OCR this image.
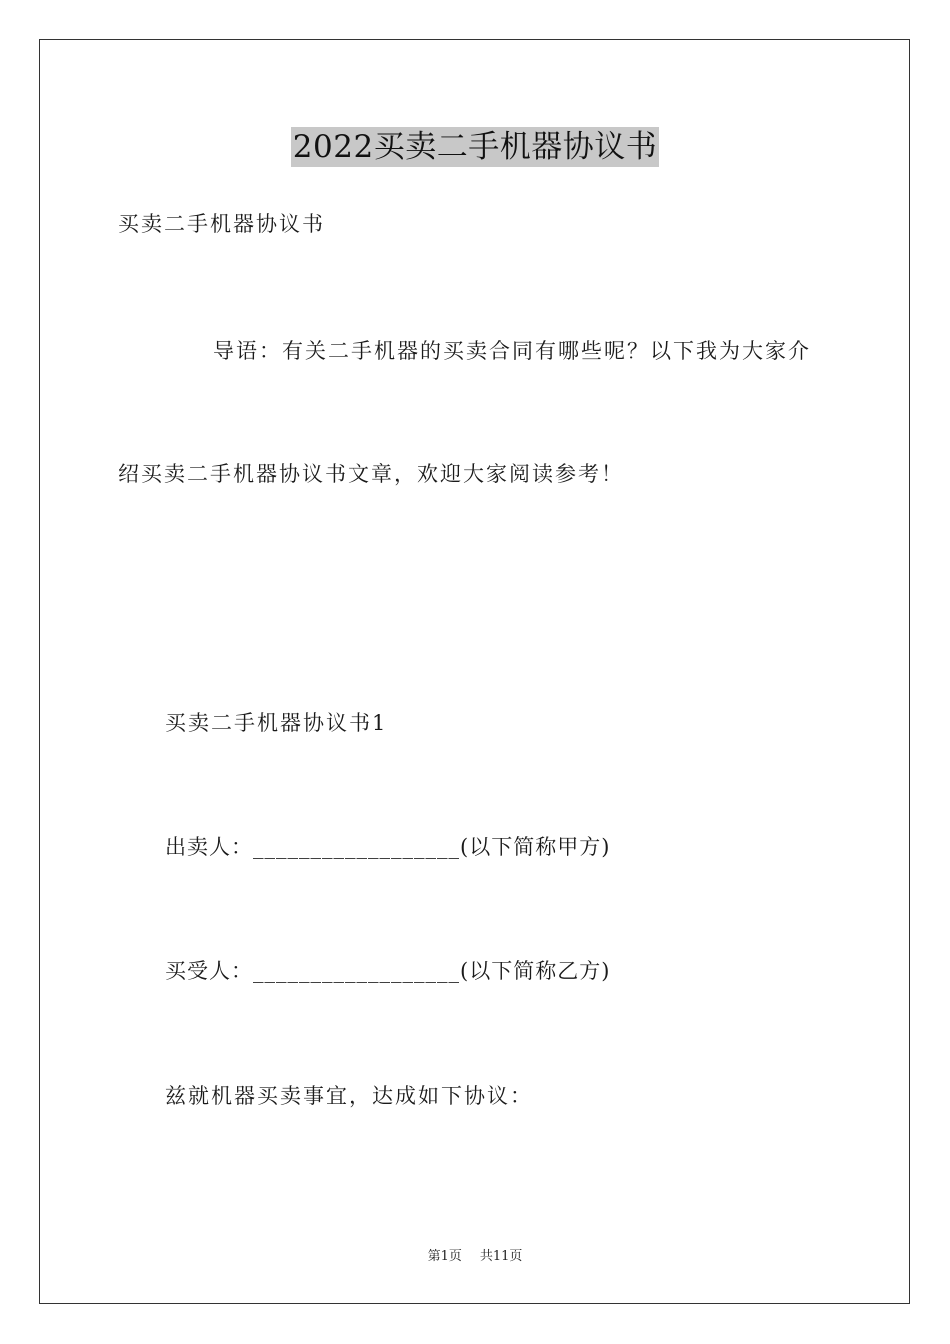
2022买卖二手机器协议书
买卖二手机器协议书
导语：有关二手机器的买卖合同有哪些呢？以下我为大家介
绍买卖二手机器协议书文章，欢迎大家阅读参考！
买卖二手机器协议书1
出卖人：__________________(以下简称甲方)
买受人：__________________(以下简称乙方)
兹就机器买卖事宜，达成如下协议：
第1页 共11页
